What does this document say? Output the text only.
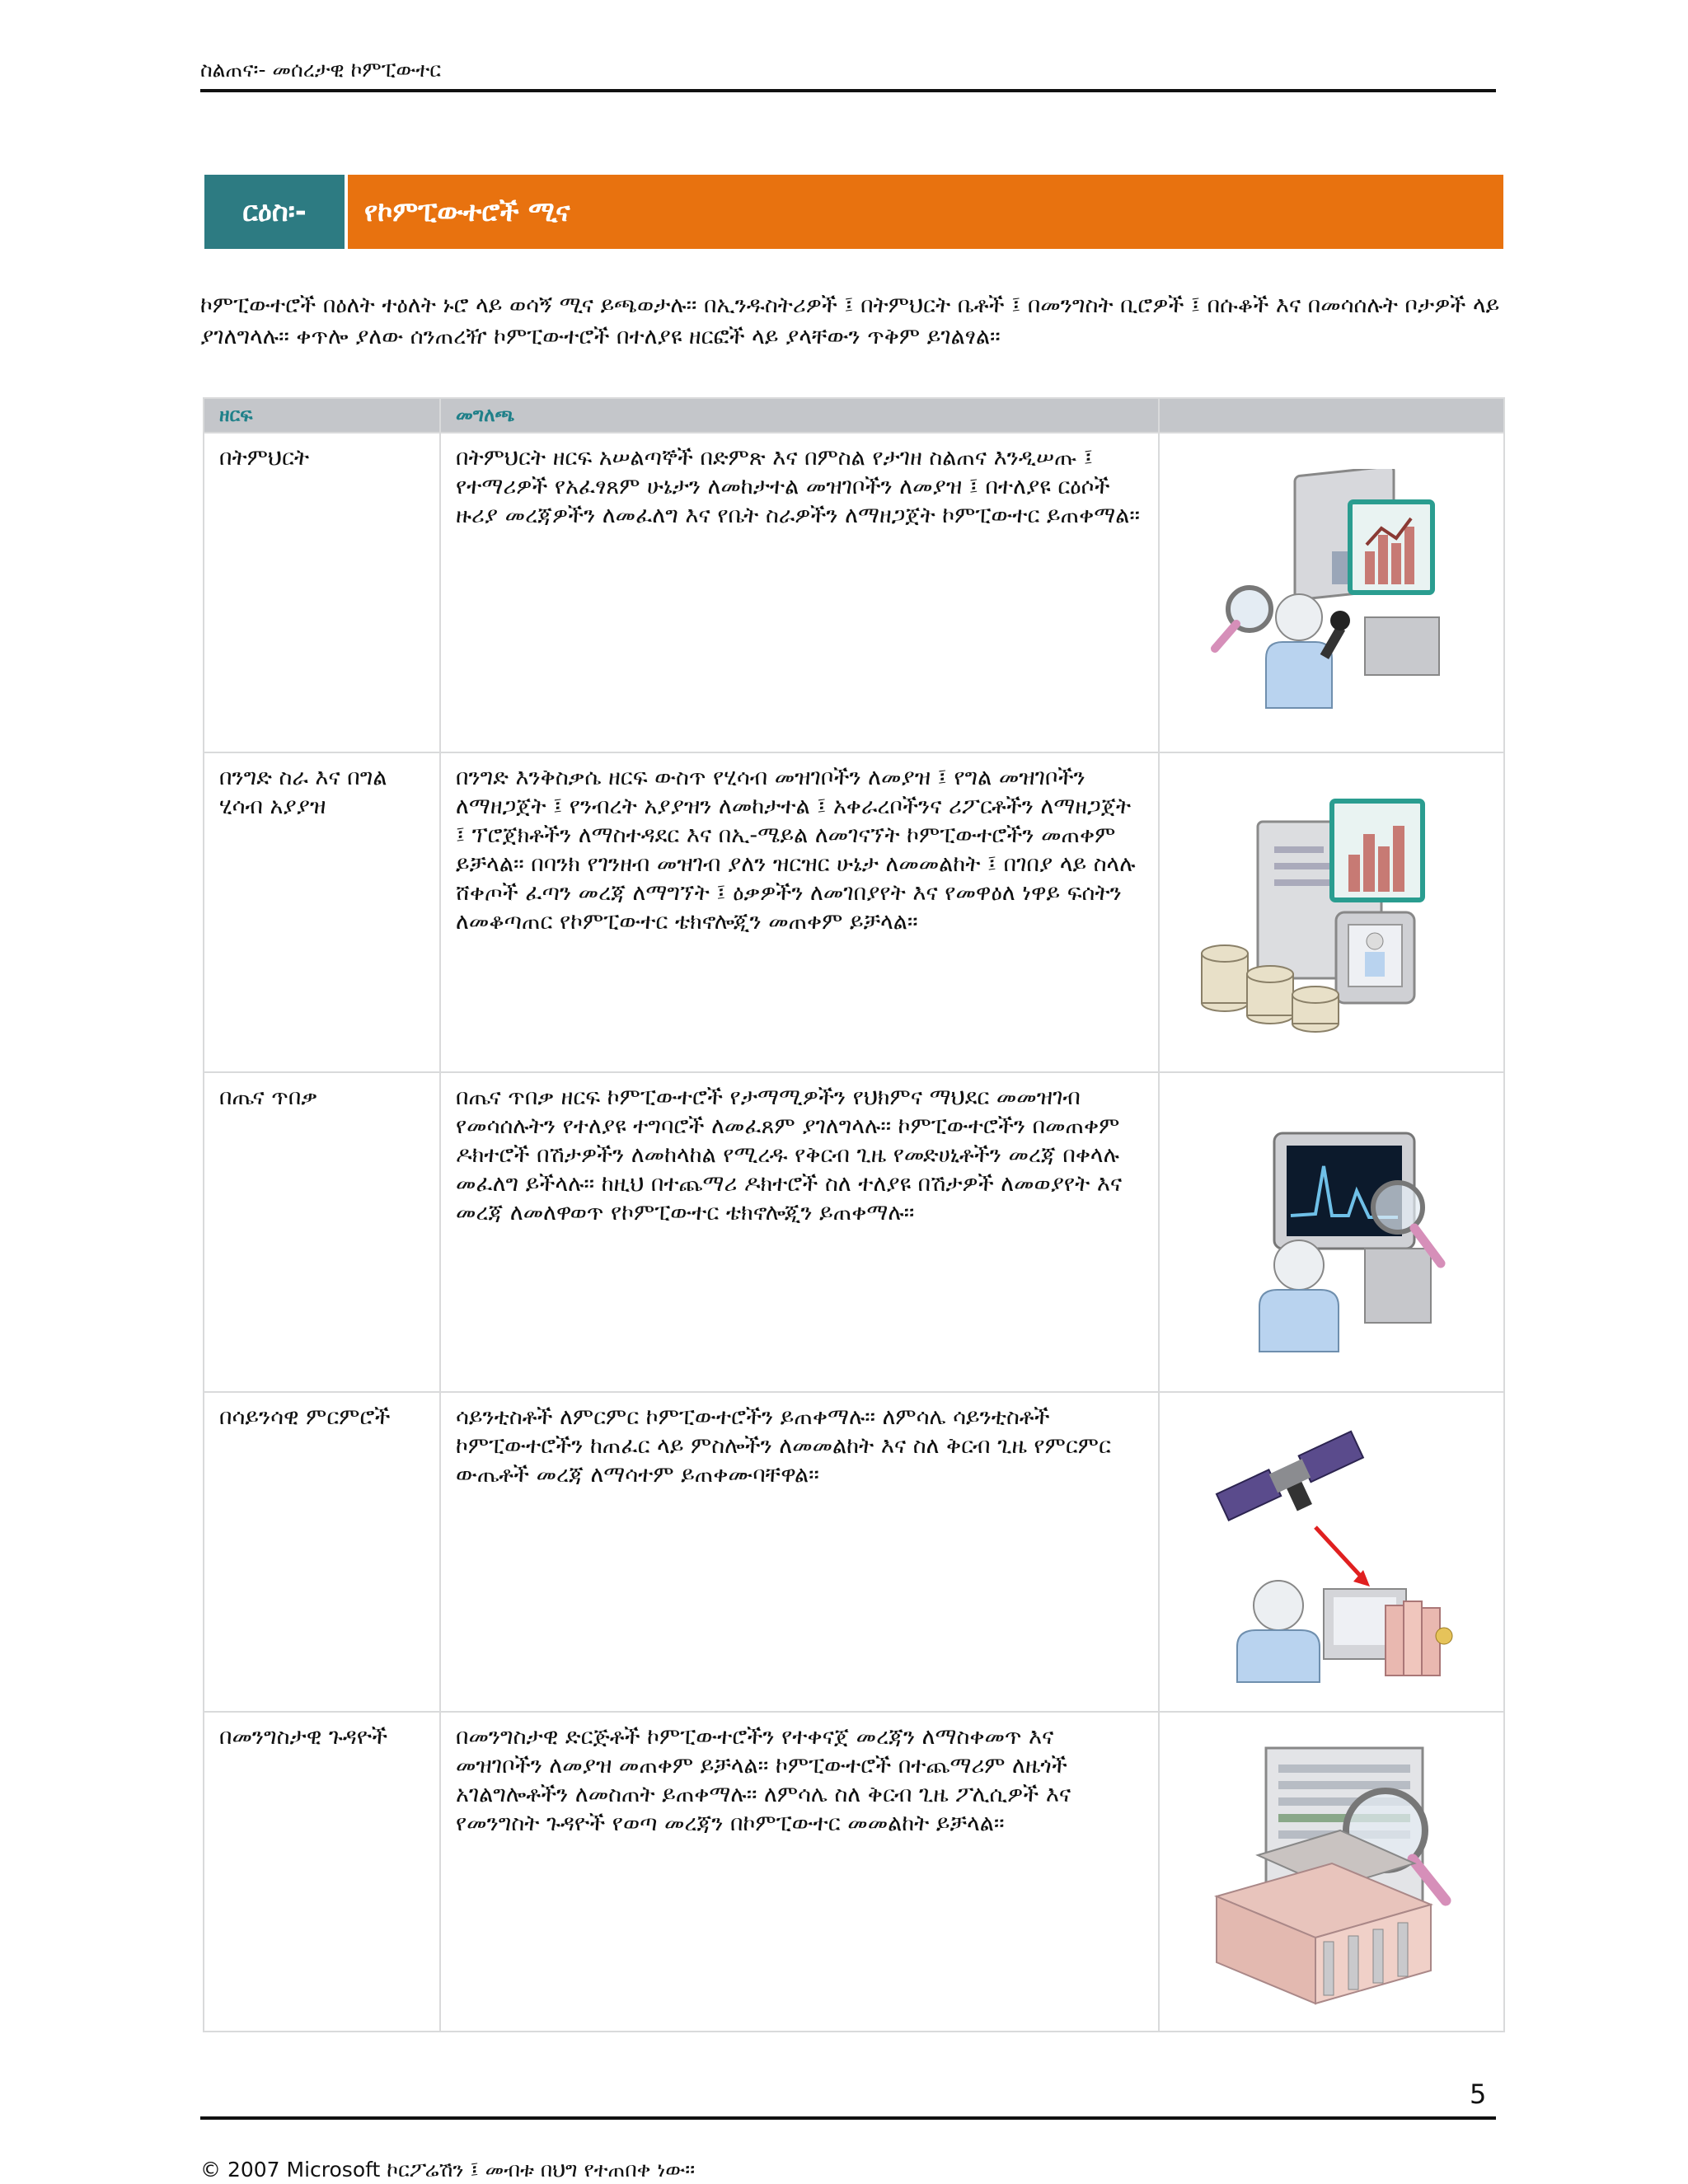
ስልጠና፡- መሰረታዊ ኮምፒውተር
ርዕስ፡-	የኮምፒውተሮች ሚና
ኮምፒውተሮች በዕለት ተዕለት ኑሮ ላይ ወሳኝ ሚና ይጫወታሉ፡፡ በኢንዱስትሪዎች ፤ በትምህርት ቤቶች ፤ በመንግስት ቢሮዎች ፤ በሱቆች እና በመሳሰሉት ቦታዎች ላይ ያገለግላሉ፡፡ ቀጥሎ ያለው ሰንጠረዥ ኮምፒውተሮች በተለያዩ ዘርፎች ላይ ያላቸውን ጥቅም ይገልፃል፡፡
ዘርፍ	መግለጫ	
በትምህርት	በትምህርት ዘርፍ አሠልጣኞች በድምጽ እና በምስል የታገዘ ስልጠና እንዲሠጡ ፤ የተማሪዎች የአፈፃጸም ሁኔታን ለመከታተል መዝገቦችን ለመያዝ ፤ በተለያዩ ርዕሶች ዙሪያ መረጃዎችን ለመፈለግ እና የቤት ስራዎችን ለማዘጋጀት ኮምፒውተር ይጠቀማል፡፡	

በንግድ ስራ እና በግል ሂሳብ አያያዝ	በንግድ እንቅስቃሴ ዘርፍ ውስጥ የሂሳብ መዝገቦችን ለመያዝ ፤ የግል መዝገቦችን ለማዘጋጀት ፤ የንብረት አያያዝን ለመከታተል ፤ አቀራረቦችንና ሪፖርቶችን ለማዘጋጀት ፤ ፕሮጀክቶችን ለማስተዳደር እና በኢ-ሜይል ለመገናኘት ኮምፒውተሮችን መጠቀም ይቻላል፡፡ በባንክ የገንዘብ መዝገብ ያለን ዝርዝር ሁኔታ ለመመልከት ፤ በገበያ ላይ ስላሉ ሸቀጦች ፈጣን መረጃ ለማግኘት ፤ ዕቃዎችን ለመገበያየት እና የመዋዕለ ነዋይ ፍሰትን ለመቆጣጠር የኮምፒውተር ቴክኖሎጂን መጠቀም ይቻላል፡፡	

በጤና ጥበቃ	በጤና ጥበቃ ዘርፍ ኮምፒውተሮች የታማሚዎችን የህክምና ማህደር መመዝገብ የመሳሰሉትን የተለያዩ ተግባሮች ለመፈጸም ያገለግላሉ፡፡ ኮምፒውተሮችን በመጠቀም ዶክተሮች በሽታዎችን ለመከላከል የሚረዱ የቅርብ ጊዜ የመድሀኒቶችን መረጃ በቀላሉ መፈለግ ይችላሉ፡፡ ከዚህ በተጨማሪ ዶክተሮች ስለ ተለያዩ በሽታዎች ለመወያየት እና መረጃ ለመለዋወጥ የኮምፒውተር ቴክኖሎጂን ይጠቀማሉ፡፡	

በሳይንሳዊ ምርምሮች	ሳይንቲስቶች ለምርምር ኮምፒውተሮችን ይጠቀማሉ፡፡ ለምሳሌ ሳይንቲስቶች ኮምፒውተሮችን ከጠፈር ላይ ምስሎችን ለመመልከት እና ስለ ቅርብ ጊዜ የምርምር ውጤቶች መረጃ ለማሳተም ይጠቀሙባቸዋል፡፡	

በመንግስታዊ ጉዳዮች	በመንግስታዊ ድርጅቶች ኮምፒውተሮችን የተቀናጀ መረጃን ለማስቀመጥ እና መዝገቦችን ለመያዝ መጠቀም ይቻላል፡፡ ኮምፒውተሮች በተጨማሪም ለዜጎች አገልግሎቶችን ለመስጠት ይጠቀማሉ፡፡ ለምሳሌ ስለ ቅርብ ጊዜ ፖሊሲዎች እና የመንግስት ጉዳዮች የወጣ መረጃን በኮምፒውተር መመልከት ይቻላል፡፡	
5
© 2007 Microsoft ኮርፖሬሽን ፤ መብቱ በህግ የተጠበቀ ነው፡፡
